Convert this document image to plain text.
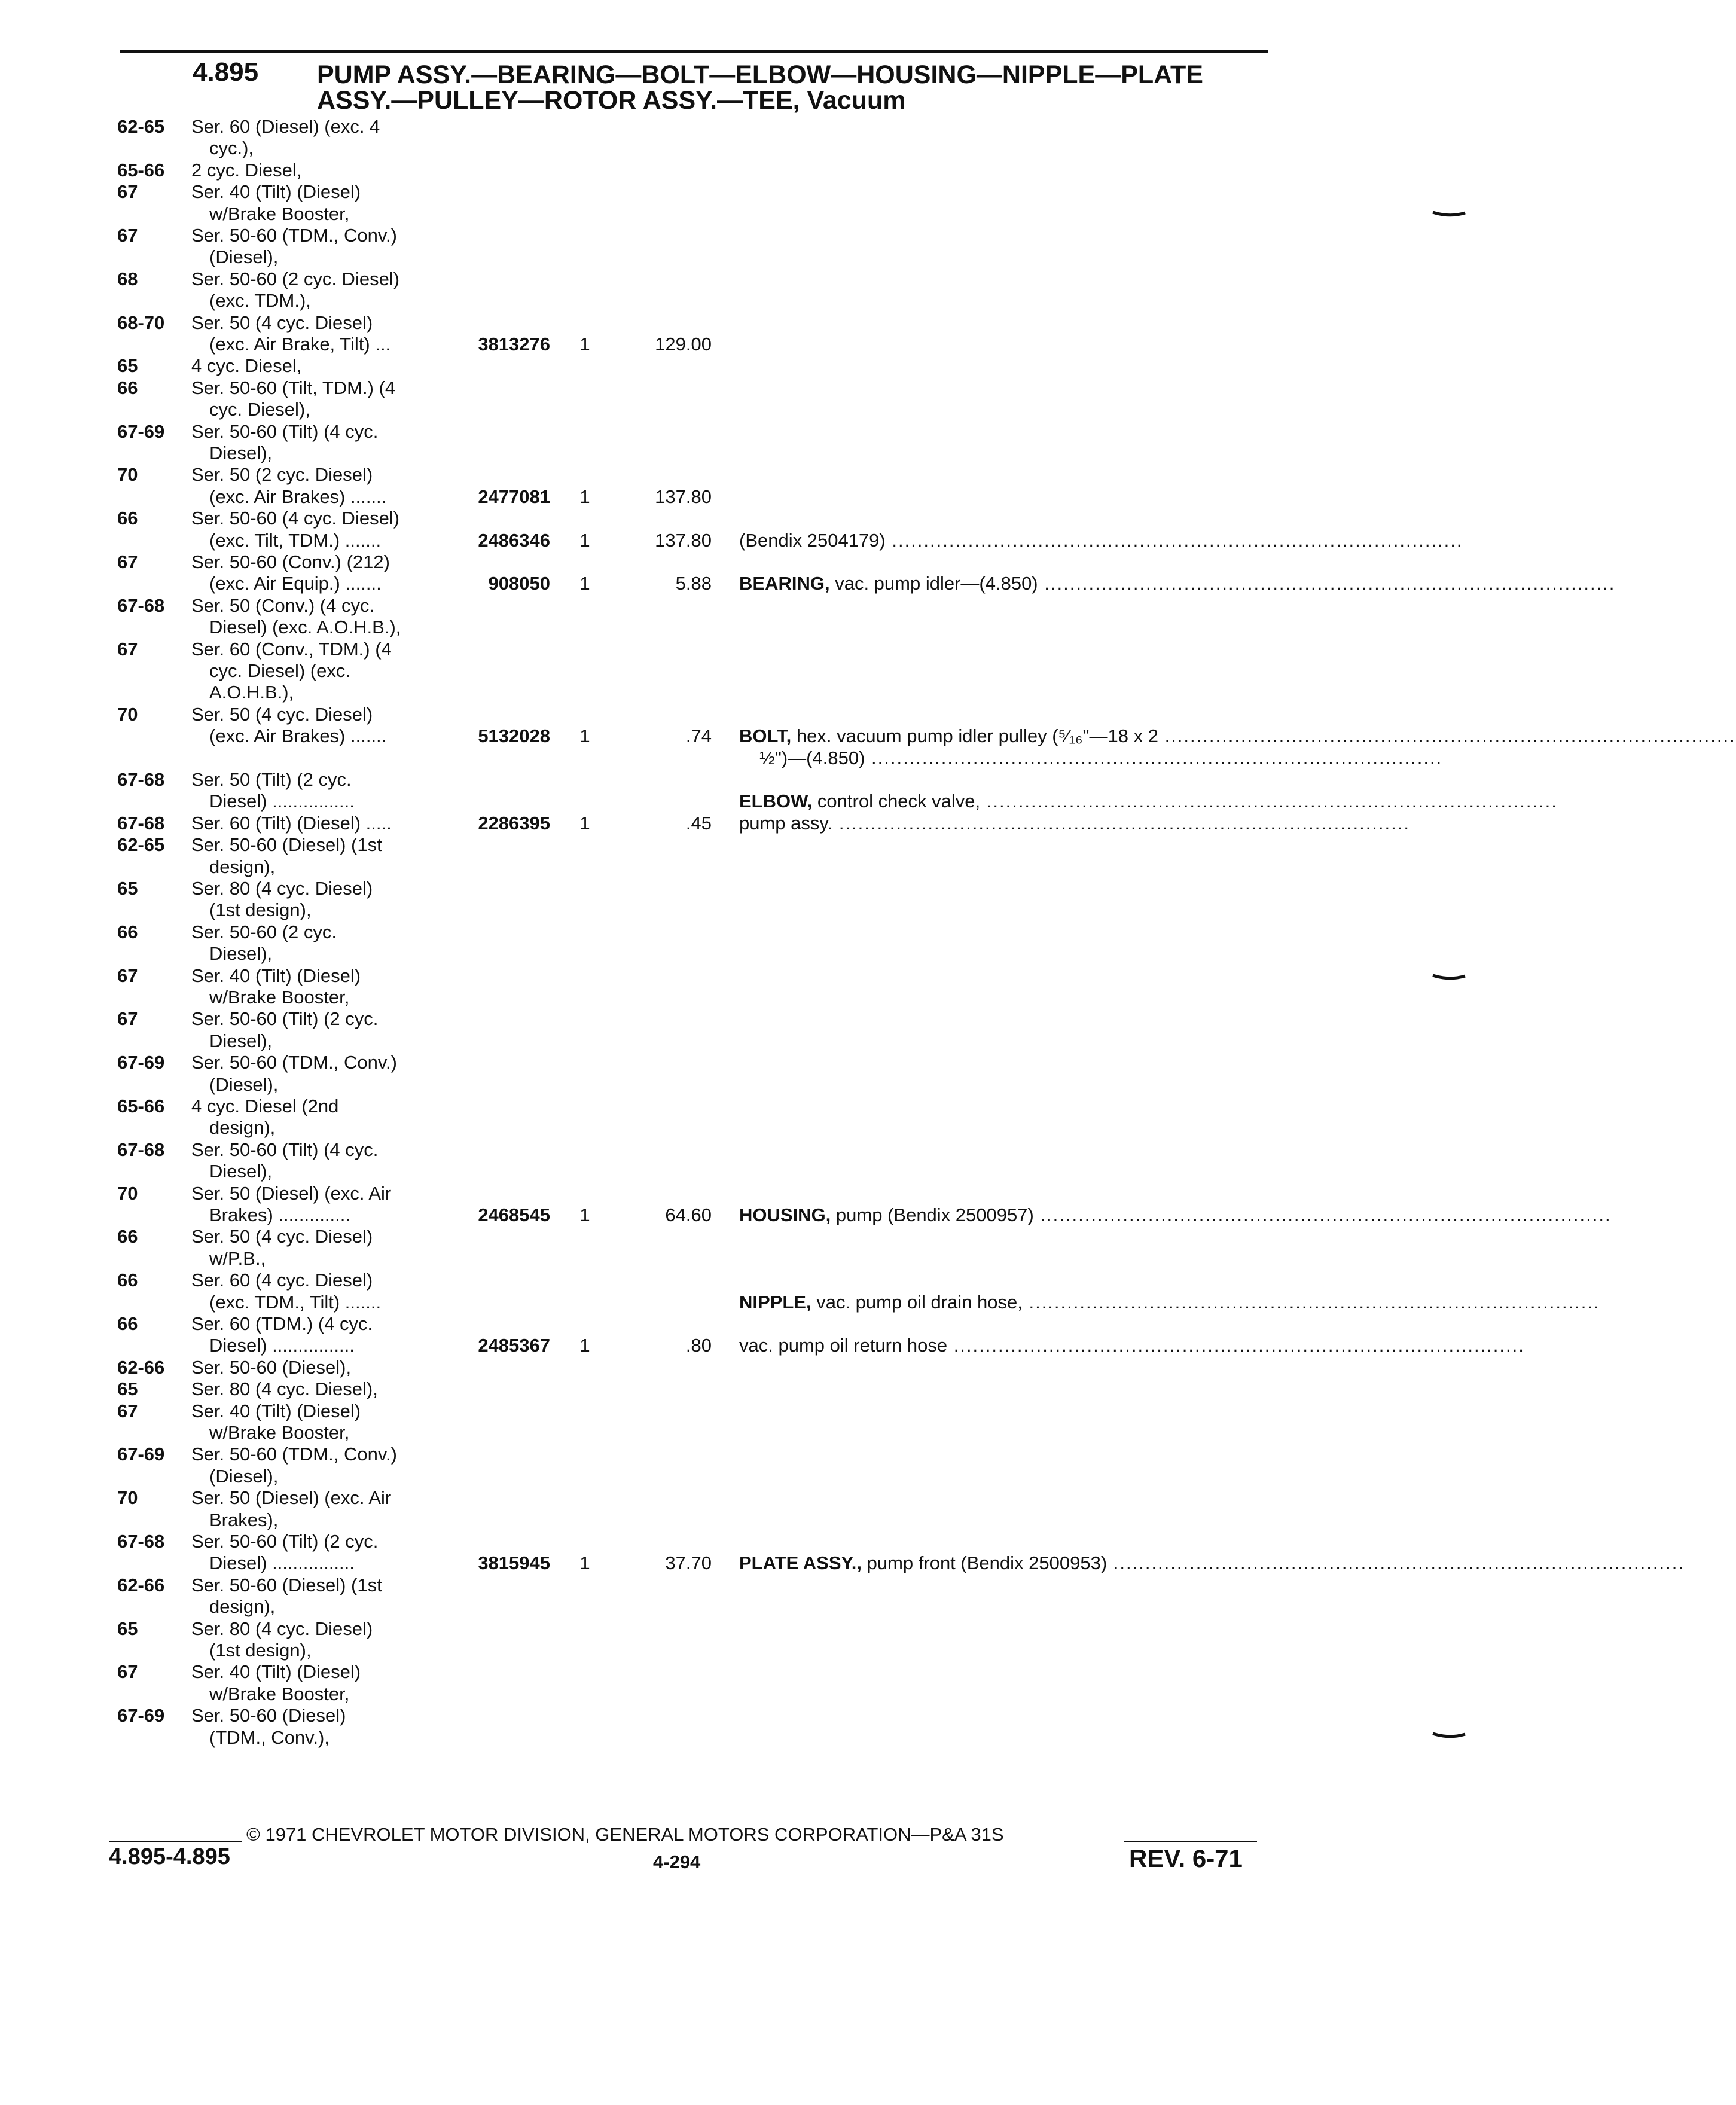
4.895 PUMP ASSY.—BEARING—BOLT—ELBOW—HOUSING—NIPPLE—PLATE
ASSY.—PULLEY—ROTOR ASSY.—TEE, Vacuum
62-65 Ser. 60 (Diesel) (exc. 4
cyc.),
65-66 2 cyc. Diesel,
67	Ser. 40 (Tilt) (Diesel)
w/Brake Booster,
67	Ser. 50-60 (TDM., Conv.)
(Diesel),
68	Ser. 50-60 (2 cyc. Diesel)
(exc. TDM.),
68-70 Ser. 50 (4 cyc. Diesel)
(exc. Air Brake, Tilt) ...	3813276 1	129.00
65	4 cyc. Diesel,
66	Ser. 50-60 (Tilt, TDM.) (4
cyc. Diesel),
67-69 Ser. 50-60 (Tilt) (4 cyc.
Diesel),
70	Ser. 50 (2 cyc. Diesel)
(exc. Air Brakes) .......	2477081 1	137.80
66	Ser. 50-60 (4 cyc. Diesel)
(exc. Tilt, TDM.) .......	2486346 1	137.80 (Bendix 2504179) ..........................................................................................
67	Ser. 50-60 (Conv.) (212)
(exc. Air Equip.) .......	908050 1	5.88 BEARING, vac. pump idler—(4.850) ..........................................................................................
67-68 Ser. 50 (Conv.) (4 cyc.
Diesel) (exc. A.O.H.B.),
67	Ser. 60 (Conv., TDM.) (4
cyc. Diesel) (exc.
A.O.H.B.),
70	Ser. 50 (4 cyc. Diesel)
(exc. Air Brakes) .......	5132028 1	.74 BOLT, hex. vacuum pump idler pulley (⁵⁄₁₆"—18 x 2 ..........................................................................................
½")—(4.850) ..........................................................................................
67-68 Ser. 50 (Tilt) (2 cyc.
Diesel) ................	ELBOW, control check valve, ..........................................................................................
67-68 Ser. 60 (Tilt) (Diesel) .....	2286395 1	.45 pump assy. ..........................................................................................
62-65 Ser. 50-60 (Diesel) (1st
design),
65	Ser. 80 (4 cyc. Diesel)
(1st design),
66	Ser. 50-60 (2 cyc.
Diesel),
67	Ser. 40 (Tilt) (Diesel)
w/Brake Booster,
67	Ser. 50-60 (Tilt) (2 cyc.
Diesel),
67-69 Ser. 50-60 (TDM., Conv.)
(Diesel),
65-66 4 cyc. Diesel (2nd
design),
67-68 Ser. 50-60 (Tilt) (4 cyc.
Diesel),
70	Ser. 50 (Diesel) (exc. Air
Brakes) ..............	2468545 1	64.60 HOUSING, pump (Bendix 2500957) ..........................................................................................
66	Ser. 50 (4 cyc. Diesel)
w/P.B.,
66	Ser. 60 (4 cyc. Diesel)
(exc. TDM., Tilt) .......	NIPPLE, vac. pump oil drain hose, ..........................................................................................
66	Ser. 60 (TDM.) (4 cyc.
Diesel) ................	2485367 1	.80 vac. pump oil return hose ..........................................................................................
62-66 Ser. 50-60 (Diesel),
65	Ser. 80 (4 cyc. Diesel),
67	Ser. 40 (Tilt) (Diesel)
w/Brake Booster,
67-69 Ser. 50-60 (TDM., Conv.)
(Diesel),
70	Ser. 50 (Diesel) (exc. Air
Brakes),
67-68 Ser. 50-60 (Tilt) (2 cyc.
Diesel) ................	3815945 1	37.70 PLATE ASSY., pump front (Bendix 2500953) ..........................................................................................
62-66 Ser. 50-60 (Diesel) (1st
design),
65	Ser. 80 (4 cyc. Diesel)
(1st design),
67	Ser. 40 (Tilt) (Diesel)
w/Brake Booster,
67-69 Ser. 50-60 (Diesel)
(TDM., Conv.),
© 1971 CHEVROLET MOTOR DIVISION, GENERAL MOTORS CORPORATION—P&A 31S
4.895-4.895	4-294	REV. 6-71
